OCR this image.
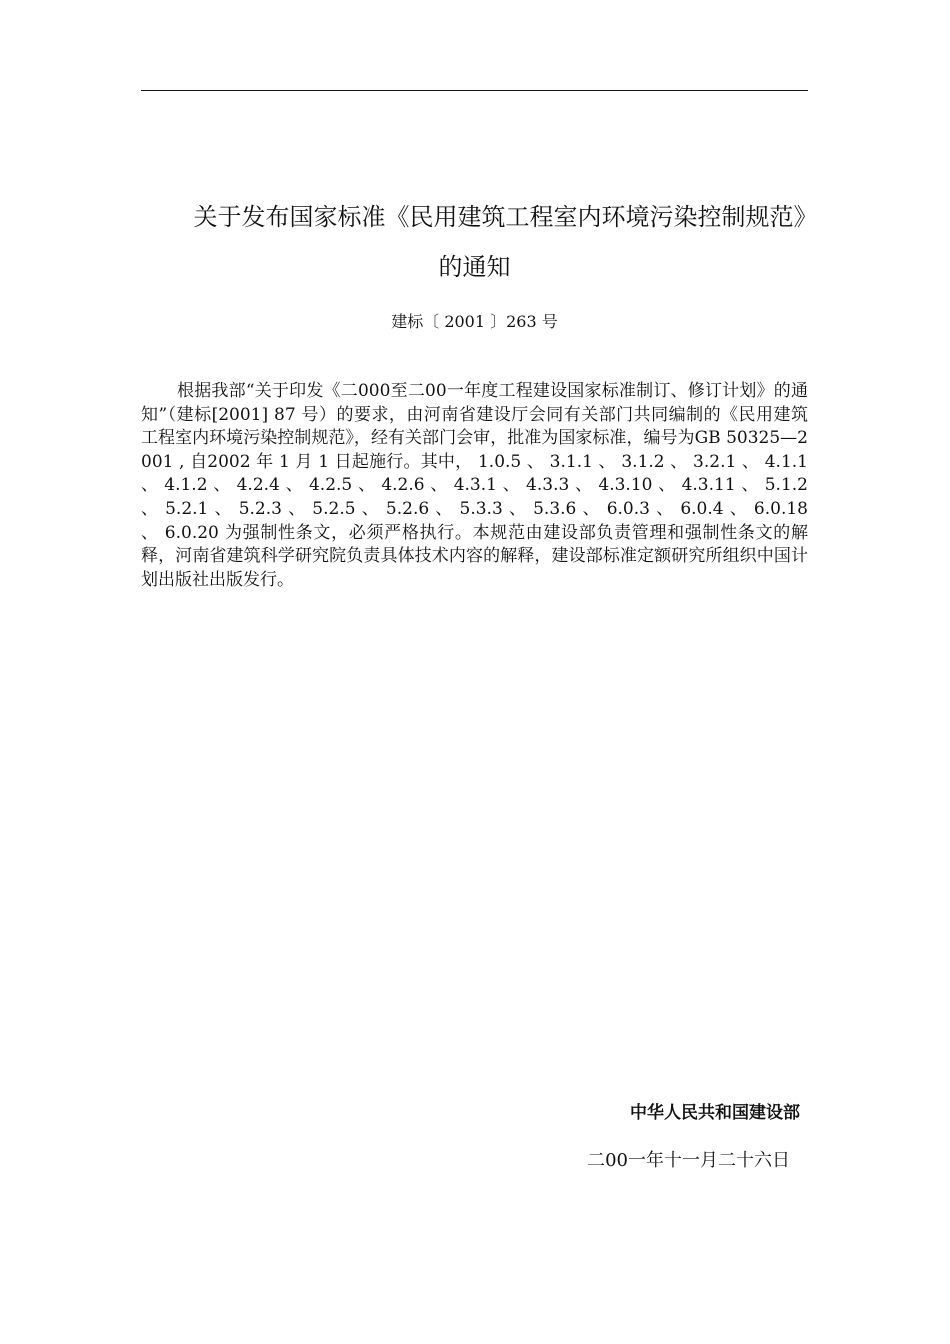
关于发布国家标准《民用建筑工程室内环境污染控制规范》的通知
建标〔 2001 〕263 号

根据我部“关于印发《二000至二00一年度工程建设国家标准制订、修订计划》的通知”（建标[2001] 87 号）的要求，由河南省建设厅会同有关部门共同编制的《民用建筑工程室内环境污染控制规范》，经有关部门会审，批准为国家标准，编号为GB 50325—2001 , 自2002 年 1 月 1 日起施行。其中， 1.0.5 、 3.1.1 、 3.1.2 、 3.2.1 、 4.1.1 、 4.1.2 、 4.2.4 、 4.2.5 、 4.2.6 、 4.3.1 、 4.3.3 、 4.3.10 、 4.3.11 、 5.1.2 、 5.2.1 、 5.2.3 、 5.2.5 、 5.2.6 、 5.3.3 、 5.3.6 、 6.0.3 、 6.0.4 、 6.0.18 、 6.0.20 为强制性条文，必须严格执行。本规范由建设部负责管理和强制性条文的解释，河南省建筑科学研究院负责具体技术内容的解释，建设部标准定额研究所组织中国计划出版社出版发行。

中华人民共和国建设部
二00一年十一月二十六日
